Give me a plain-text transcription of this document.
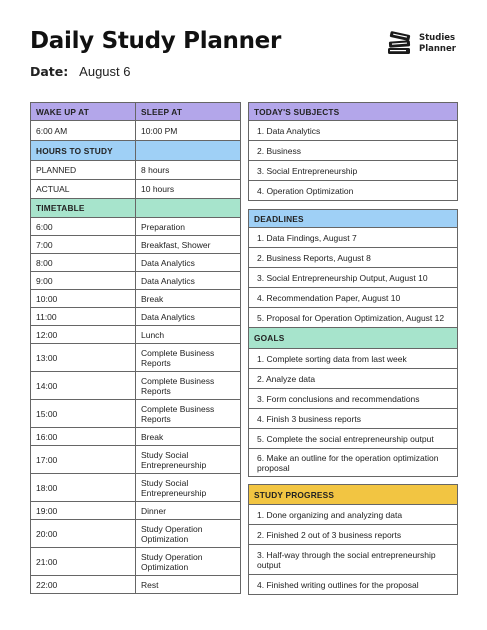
Daily Study Planner	Studies
Planner
Date: August 6
WAKE UP AT	SLEEP AT
6:00 AM	10:00 PM
HOURS TO STUDY
PLANNED	8 hours
ACTUAL	10 hours
TIMETABLE
6:00	Preparation
7:00	Breakfast, Shower
8:00	Data Analytics
9:00	Data Analytics
10:00	Break
11:00	Data Analytics
12:00	Lunch
13:00	Complete Business Reports
14:00	Complete Business Reports
15:00	Complete Business Reports
16:00	Break
17:00	Study Social Entrepreneurship
18:00	Study Social Entrepreneurship
19:00	Dinner
20:00	Study Operation Optimization
21:00	Study Operation Optimization
22:00	Rest
TODAY'S SUBJECTS
1. Data Analytics
2. Business
3. Social Entrepreneurship
4. Operation Optimization
DEADLINES
1. Data Findings, August 7
2. Business Reports, August 8
3. Social Entrepreneurship Output, August 10
4. Recommendation Paper, August 10
5. Proposal for Operation Optimization, August 12
GOALS
1. Complete sorting data from last week
2. Analyze data
3. Form conclusions and recommendations
4. Finish 3 business reports
5. Complete the social entrepreneurship output
6. Make an outline for the operation optimization proposal
STUDY PROGRESS
1. Done organizing and analyzing data
2. Finished 2 out of 3 business reports
3. Half-way through the social entrepreneurship output
4. Finished writing outlines for the proposal
